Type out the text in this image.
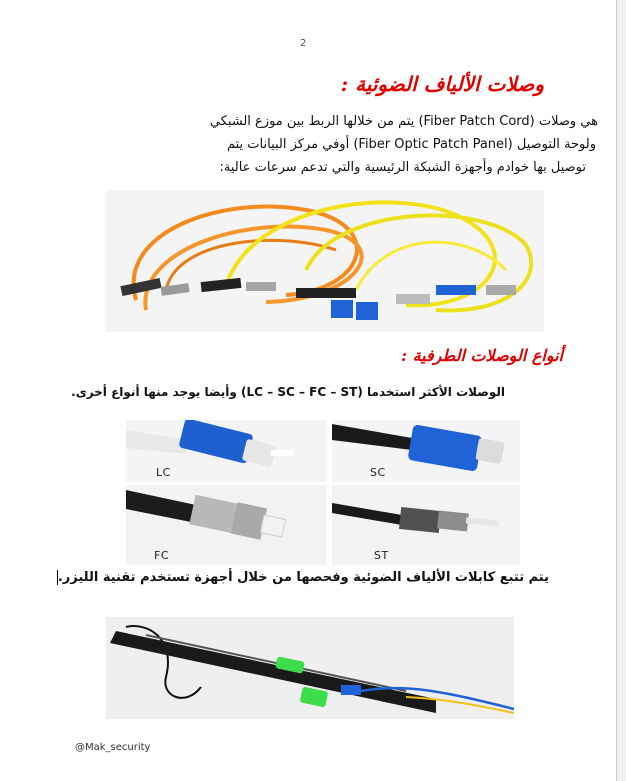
2
وصلات الألياف الضوئية :
هي وصلات (Fiber Patch Cord) يتم من خلالها الربط بين موزع الشبكي
ولوحة التوصيل (Fiber Optic Patch Panel) أوفي مركز البيانات يتم
توصيل بها خوادم وأجهزة الشبكة الرئيسية والتي تدعم سرعات عالية:
أنواع الوصلات الطرفية :
الوصلات الأكثر استخدما (LC – SC – FC – ST) وأيضا يوجد منها أنواع أخرى.
LC	SC
FC	ST
يتم تتبع كابلات الألياف الضوئية وفحصها من خلال أجهزة تستخدم تقنية الليزر.
@Mak_security
